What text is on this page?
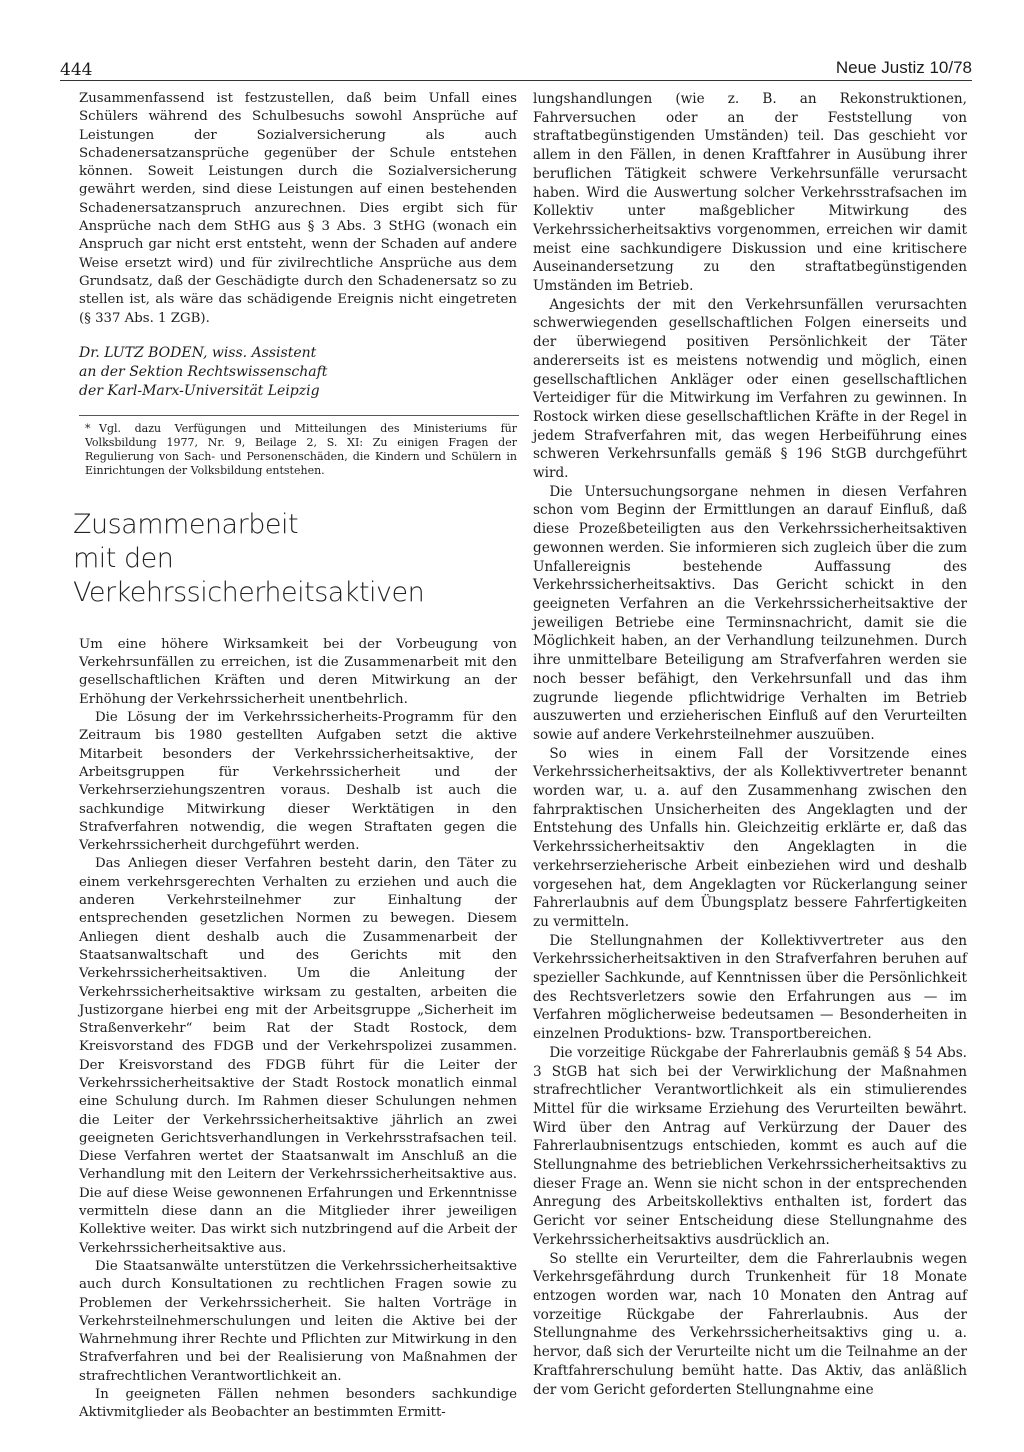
444	Neue Justiz 10/78

Zusammenfassend ist festzustellen, daß beim Unfall eines Schülers während des Schulbesuchs sowohl Ansprüche auf Leistungen der Sozialversicherung als auch Schadenersatzansprüche gegenüber der Schule entstehen können. Soweit Leistungen durch die Sozialversicherung gewährt werden, sind diese Leistungen auf einen bestehenden Schadenersatzanspruch anzurechnen. Dies ergibt sich für Ansprüche nach dem StHG aus § 3 Abs. 3 StHG (wonach ein Anspruch gar nicht erst entsteht, wenn der Schaden auf andere Weise ersetzt wird) und für zivilrechtliche Ansprüche aus dem Grundsatz, daß der Geschädigte durch den Schadenersatz so zu stellen ist, als wäre das schädigende Ereignis nicht eingetreten (§ 337 Abs. 1 ZGB).

Dr. LUTZ BODEN, wiss. Assistent
an der Sektion Rechtswissenschaft
der Karl-Marx-Universität Leipzig
* Vgl. dazu Verfügungen und Mitteilungen des Ministeriums für Volksbildung 1977, Nr. 9, Beilage 2, S. XI: Zu einigen Fragen der Regulierung von Sach- und Personenschäden, die Kindern und Schülern in Einrichtungen der Volksbildung entstehen.
Zusammenarbeit
mit den Verkehrssicherheitsaktiven

Um eine höhere Wirksamkeit bei der Vorbeugung von Verkehrsunfällen zu erreichen, ist die Zusammenarbeit mit den gesellschaftlichen Kräften und deren Mitwirkung an der Erhöhung der Verkehrssicherheit unentbehrlich.

Die Lösung der im Verkehrssicherheits-Programm für den Zeitraum bis 1980 gestellten Aufgaben setzt die aktive Mitarbeit besonders der Verkehrssicherheitsaktive, der Arbeitsgruppen für Verkehrssicherheit und der Verkehrserziehungszentren voraus. Deshalb ist auch die sachkundige Mitwirkung dieser Werktätigen in den Strafverfahren notwendig, die wegen Straftaten gegen die Verkehrssicherheit durchgeführt werden.

Das Anliegen dieser Verfahren besteht darin, den Täter zu einem verkehrsgerechten Verhalten zu erziehen und auch die anderen Verkehrsteilnehmer zur Einhaltung der entsprechenden gesetzlichen Normen zu bewegen. Diesem Anliegen dient deshalb auch die Zusammenarbeit der Staatsanwaltschaft und des Gerichts mit den Verkehrssicherheitsaktiven. Um die Anleitung der Verkehrssicherheitsaktive wirksam zu gestalten, arbeiten die Justizorgane hierbei eng mit der Arbeitsgruppe „Sicherheit im Straßenverkehr“ beim Rat der Stadt Rostock, dem Kreisvorstand des FDGB und der Verkehrspolizei zusammen. Der Kreisvorstand des FDGB führt für die Leiter der Verkehrssicherheitsaktive der Stadt Rostock monatlich einmal eine Schulung durch. Im Rahmen dieser Schulungen nehmen die Leiter der Verkehrssicherheitsaktive jährlich an zwei geeigneten Gerichtsverhandlungen in Verkehrsstrafsachen teil. Diese Verfahren wertet der Staatsanwalt im Anschluß an die Verhandlung mit den Leitern der Verkehrssicherheitsaktive aus. Die auf diese Weise gewonnenen Erfahrungen und Erkenntnisse vermitteln diese dann an die Mitglieder ihrer jeweiligen Kollektive weiter. Das wirkt sich nutzbringend auf die Arbeit der Verkehrssicherheitsaktive aus.

Die Staatsanwälte unterstützen die Verkehrssicherheitsaktive auch durch Konsultationen zu rechtlichen Fragen sowie zu Problemen der Verkehrssicherheit. Sie halten Vorträge in Verkehrsteilnehmerschulungen und leiten die Aktive bei der Wahrnehmung ihrer Rechte und Pflichten zur Mitwirkung in den Strafverfahren und bei der Realisierung von Maßnahmen der strafrechtlichen Verantwortlichkeit an.

In geeigneten Fällen nehmen besonders sachkundige Aktivmitglieder als Beobachter an bestimmten Ermitt-

lungshandlungen (wie z. B. an Rekonstruktionen, Fahrversuchen oder an der Feststellung von straftatbegünstigenden Umständen) teil. Das geschieht vor allem in den Fällen, in denen Kraftfahrer in Ausübung ihrer beruflichen Tätigkeit schwere Verkehrsunfälle verursacht haben. Wird die Auswertung solcher Verkehrsstrafsachen im Kollektiv unter maßgeblicher Mitwirkung des Verkehrssicherheitsaktivs vorgenommen, erreichen wir damit meist eine sachkundigere Diskussion und eine kritischere Auseinandersetzung zu den straftatbegünstigenden Umständen im Betrieb.

Angesichts der mit den Verkehrsunfällen verursachten schwerwiegenden gesellschaftlichen Folgen einerseits und der überwiegend positiven Persönlichkeit der Täter andererseits ist es meistens notwendig und möglich, einen gesellschaftlichen Ankläger oder einen gesellschaftlichen Verteidiger für die Mitwirkung im Verfahren zu gewinnen. In Rostock wirken diese gesellschaftlichen Kräfte in der Regel in jedem Strafverfahren mit, das wegen Herbeiführung eines schweren Verkehrsunfalls gemäß § 196 StGB durchgeführt wird.

Die Untersuchungsorgane nehmen in diesen Verfahren schon vom Beginn der Ermittlungen an darauf Einfluß, daß diese Prozeßbeteiligten aus den Verkehrssicherheitsaktiven gewonnen werden. Sie informieren sich zugleich über die zum Unfallereignis bestehende Auffassung des Verkehrssicherheitsaktivs. Das Gericht schickt in den geeigneten Verfahren an die Verkehrssicherheitsaktive der jeweiligen Betriebe eine Terminsnachricht, damit sie die Möglichkeit haben, an der Verhandlung teilzunehmen. Durch ihre unmittelbare Beteiligung am Strafverfahren werden sie noch besser befähigt, den Verkehrsunfall und das ihm zugrunde liegende pflichtwidrige Verhalten im Betrieb auszuwerten und erzieherischen Einfluß auf den Verurteilten sowie auf andere Verkehrsteilnehmer auszuüben.

So wies in einem Fall der Vorsitzende eines Verkehrssicherheitsaktivs, der als Kollektivvertreter benannt worden war, u. a. auf den Zusammenhang zwischen den fahrpraktischen Unsicherheiten des Angeklagten und der Entstehung des Unfalls hin. Gleichzeitig erklärte er, daß das Verkehrssicherheitsaktiv den Angeklagten in die verkehrserzieherische Arbeit einbeziehen wird und deshalb vorgesehen hat, dem Angeklagten vor Rückerlangung seiner Fahrerlaubnis auf dem Übungsplatz bessere Fahrfertigkeiten zu vermitteln.

Die Stellungnahmen der Kollektivvertreter aus den Verkehrssicherheitsaktiven in den Strafverfahren beruhen auf spezieller Sachkunde, auf Kenntnissen über die Persönlichkeit des Rechtsverletzers sowie den Erfahrungen aus — im Verfahren möglicherweise bedeutsamen — Besonderheiten in einzelnen Produktions- bzw. Transportbereichen.

Die vorzeitige Rückgabe der Fahrerlaubnis gemäß § 54 Abs. 3 StGB hat sich bei der Verwirklichung der Maßnahmen strafrechtlicher Verantwortlichkeit als ein stimulierendes Mittel für die wirksame Erziehung des Verurteilten bewährt. Wird über den Antrag auf Verkürzung der Dauer des Fahrerlaubnisentzugs entschieden, kommt es auch auf die Stellungnahme des betrieblichen Verkehrssicherheitsaktivs zu dieser Frage an. Wenn sie nicht schon in der entsprechenden Anregung des Arbeitskollektivs enthalten ist, fordert das Gericht vor seiner Entscheidung diese Stellungnahme des Verkehrssicherheitsaktivs ausdrücklich an.

So stellte ein Verurteilter, dem die Fahrerlaubnis wegen Verkehrsgefährdung durch Trunkenheit für 18 Monate entzogen worden war, nach 10 Monaten den Antrag auf vorzeitige Rückgabe der Fahrerlaubnis. Aus der Stellungnahme des Verkehrssicherheitsaktivs ging u. a. hervor, daß sich der Verurteilte nicht um die Teilnahme an der Kraftfahrerschulung bemüht hatte. Das Aktiv, das anläßlich der vom Gericht geforderten Stellungnahme eine
